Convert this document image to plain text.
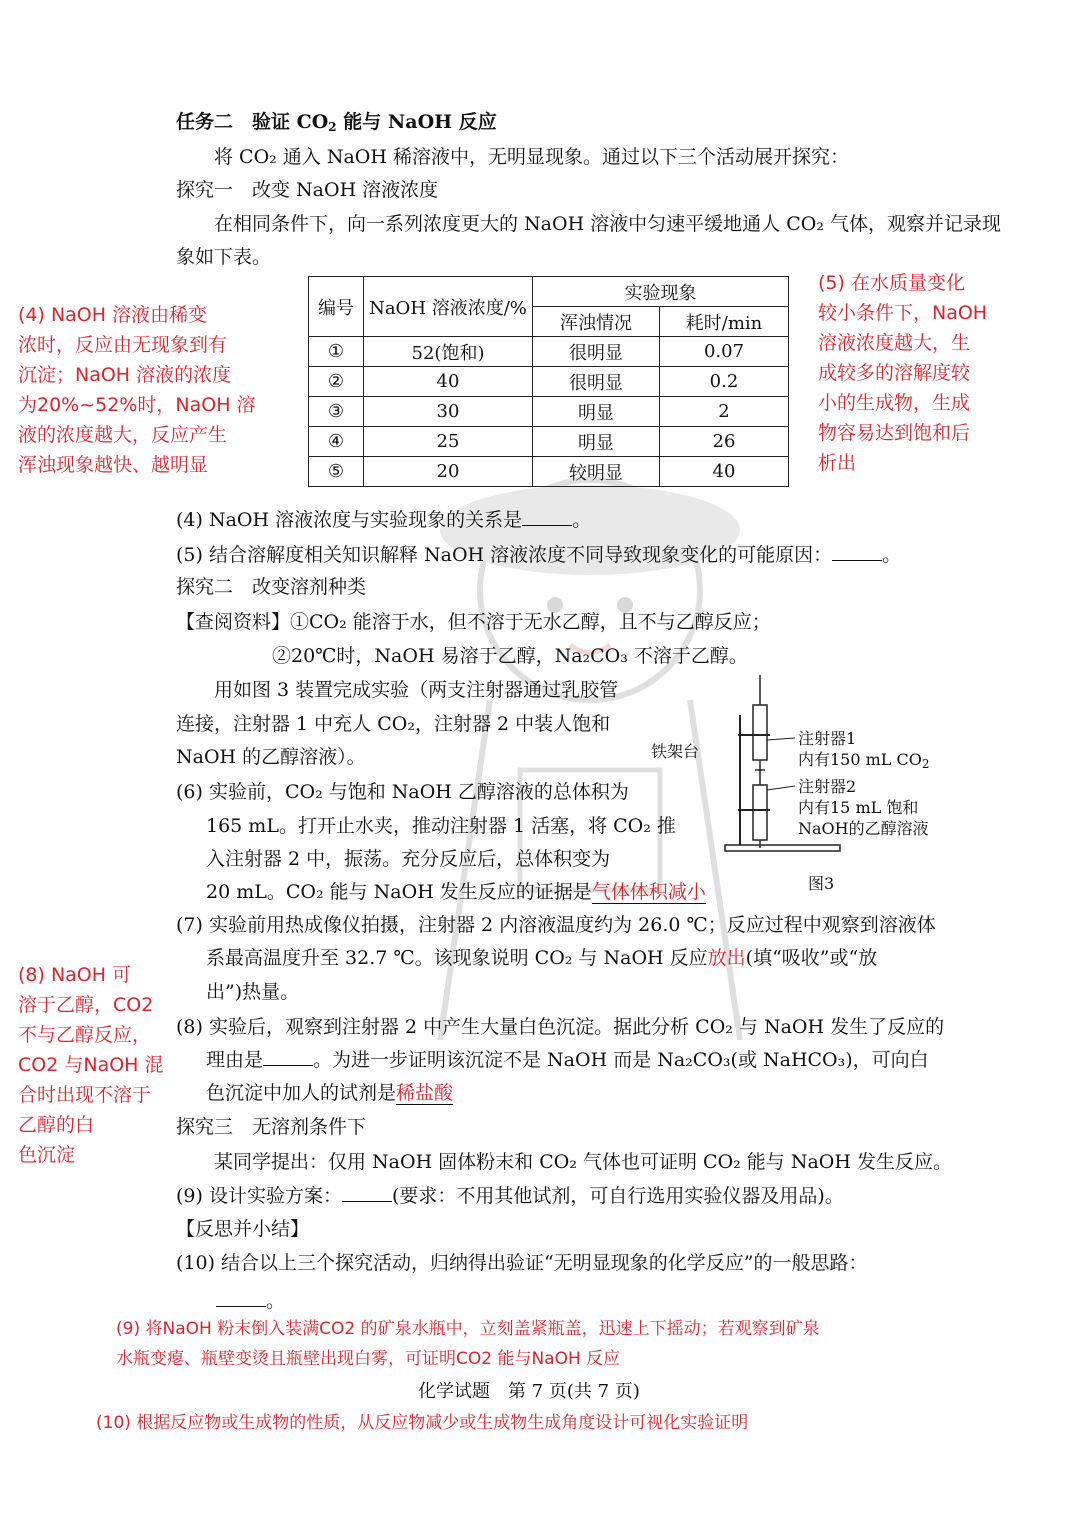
任务二　验证 $CO_2$ 能与 NaOH 反应
将 CO₂ 通入 NaOH 稀溶液中，无明显现象。通过以下三个活动展开探究：
探究一　改变 NaOH 溶液浓度
在相同条件下，向一系列浓度更大的 NaOH 溶液中匀速平缓地通人 CO₂ 气体，观察并记录现
象如下表。
编号	NaOH 溶液浓度/%	实验现象	
		浑浊情况	耗时/min
①	52(饱和)	很明显	0.07
②	40	很明显	0.2
③	30	明显	2
④	25	明显	26
⑤	20	较明显	40
(4) NaOH 溶液由稀变
浓时，反应由无现象到有
沉淀；NaOH 溶液的浓度
为20%~52%时，NaOH 溶
液的浓度越大，反应产生
浑浊现象越快、越明显
(5) 在水质量变化
较小条件下，NaOH
溶液浓度越大，生
成较多的溶解度较
小的生成物，生成
物容易达到饱和后
析出
(4) NaOH 溶液浓度与实验现象的关系是	。
(5) 结合溶解度相关知识解释 NaOH 溶液浓度不同导致现象变化的可能原因：	。
探究二　改变溶剂种类
【查阅资料】①CO₂ 能溶于水，但不溶于无水乙醇，且不与乙醇反应；
②20℃时，NaOH 易溶于乙醇，Na₂CO₃ 不溶于乙醇。
用如图 3 装置完成实验（两支注射器通过乳胶管
连接，注射器 1 中充人 CO₂，注射器 2 中装人饱和
NaOH 的乙醇溶液）。
(6) 实验前，CO₂ 与饱和 NaOH 乙醇溶液的总体积为
165 mL。打开止水夹，推动注射器 1 活塞，将 CO₂ 推
入注射器 2 中，振荡。充分反应后，总体积变为
20 mL。CO₂ 能与 NaOH 发生反应的证据是气体体积减小
铁架台
注射器1
内有150 mL $CO_2$
注射器2
内有15 mL 饱和
NaOH的乙醇溶液
图3
(7) 实验前用热成像仪拍摄，注射器 2 内溶液温度约为 26.0 ℃；反应过程中观察到溶液体
系最高温度升至 32.7 ℃。该现象说明 CO₂ 与 NaOH 反应放出(填“吸收”或“放
出”)热量。
(8) NaOH 可
溶于乙醇，CO2
不与乙醇反应，
CO2 与NaOH 混
合时出现不溶于
乙醇的白
色沉淀
(8) 实验后，观察到注射器 2 中产生大量白色沉淀。据此分析 CO₂ 与 NaOH 发生了反应的
理由是	。为进一步证明该沉淀不是 NaOH 而是 Na₂CO₃(或 NaHCO₃)，可向白
色沉淀中加人的试剂是稀盐酸
探究三　无溶剂条件下
某同学提出：仅用 NaOH 固体粉末和 CO₂ 气体也可证明 CO₂ 能与 NaOH 发生反应。
(9) 设计实验方案：	(要求：不用其他试剂，可自行选用实验仪器及用品)。
【反思并小结】
(10) 结合以上三个探究活动，归纳得出验证“无明显现象的化学反应”的一般思路：
。
(9) 将NaOH 粉末倒入装满CO2 的矿泉水瓶中，立刻盖紧瓶盖，迅速上下摇动；若观察到矿泉
水瓶变瘪、瓶壁变烫且瓶壁出现白雾，可证明CO2 能与NaOH 反应
化学试题　第 7 页(共 7 页)
(10) 根据反应物或生成物的性质，从反应物减少或生成物生成角度设计可视化实验证明
